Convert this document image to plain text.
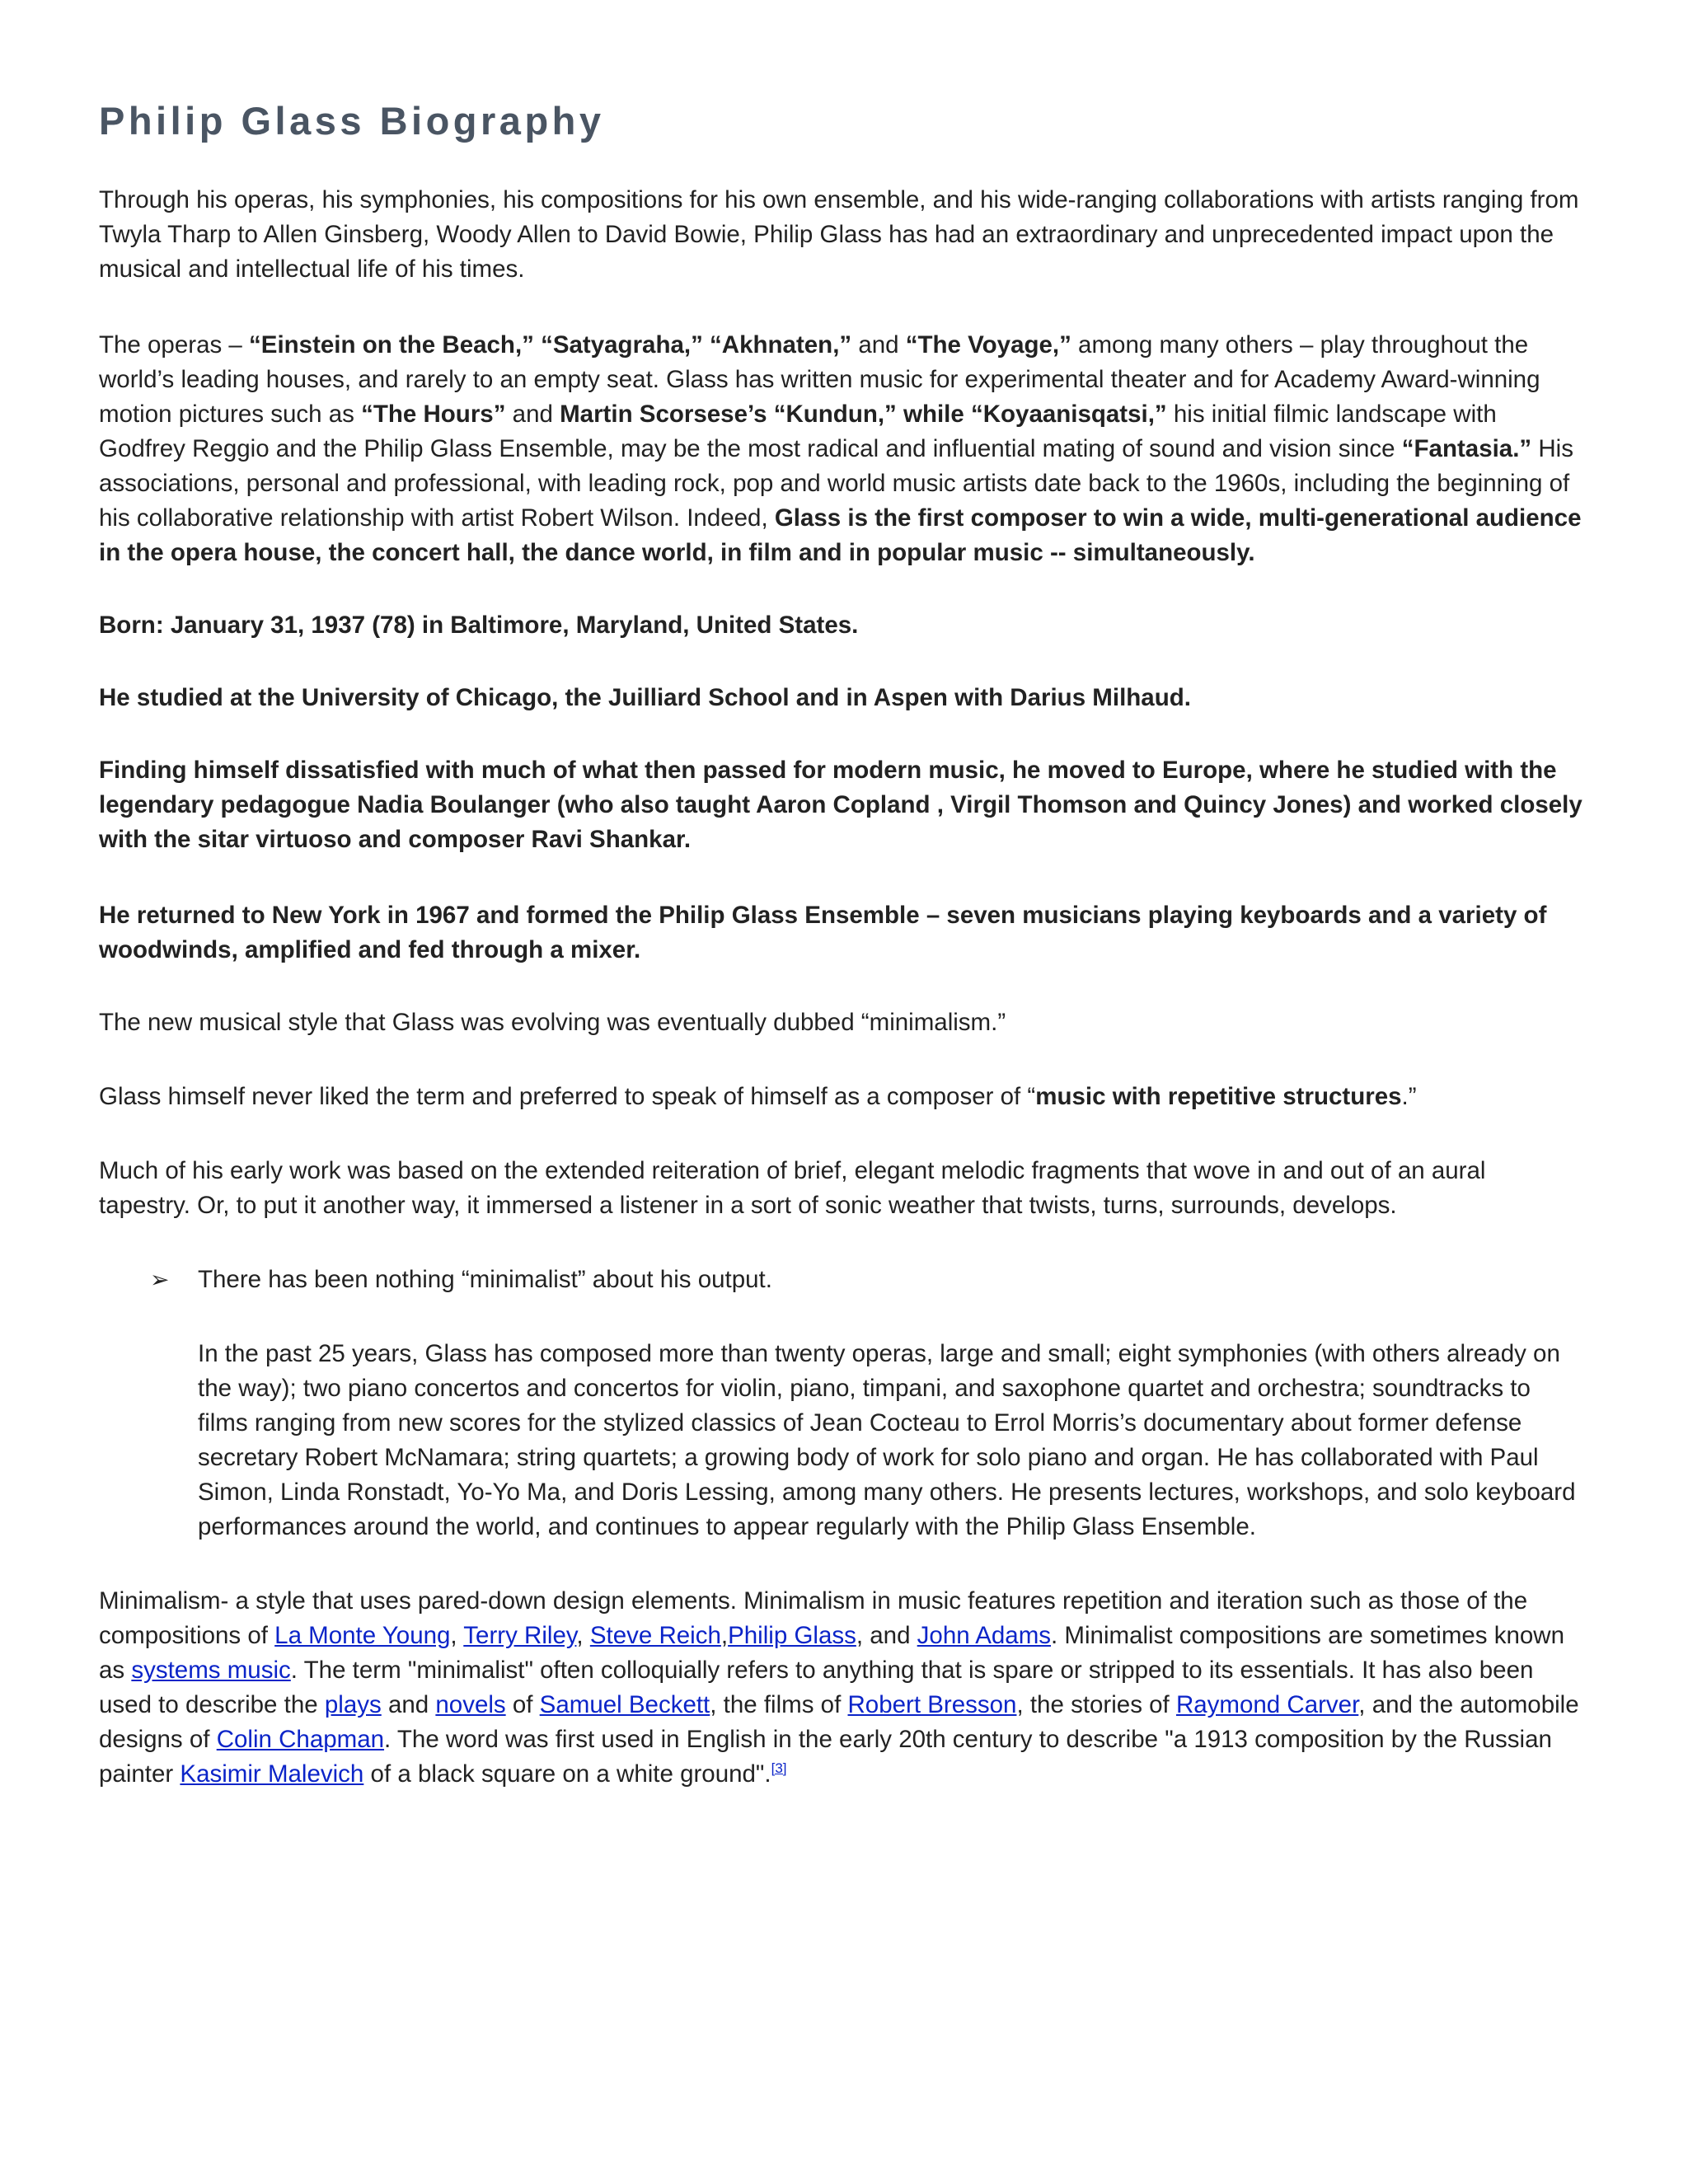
Philip Glass Biography

Through his operas, his symphonies, his compositions for his own ensemble, and his wide-ranging collaborations with artists ranging from Twyla Tharp to Allen Ginsberg, Woody Allen to David Bowie, Philip Glass has had an extraordinary and unprecedented impact upon the musical and intellectual life of his times.

The operas – “Einstein on the Beach,” “Satyagraha,” “Akhnaten,” and “The Voyage,” among many others – play throughout the world’s leading houses, and rarely to an empty seat. Glass has written music for experimental theater and for Academy Award-winning motion pictures such as “The Hours” and Martin Scorsese’s “Kundun,” while “Koyaanisqatsi,” his initial filmic landscape with Godfrey Reggio and the Philip Glass Ensemble, may be the most radical and influential mating of sound and vision since “Fantasia.” His associations, personal and professional, with leading rock, pop and world music artists date back to the 1960s, including the beginning of his collaborative relationship with artist Robert Wilson. Indeed, Glass is the first composer to win a wide, multi-generational audience in the opera house, the concert hall, the dance world, in film and in popular music -- simultaneously.

Born: January 31, 1937 (78) in Baltimore, Maryland, United States.

He studied at the University of Chicago, the Juilliard School and in Aspen with Darius Milhaud.

Finding himself dissatisfied with much of what then passed for modern music, he moved to Europe, where he studied with the legendary pedagogue Nadia Boulanger (who also taught Aaron Copland , Virgil Thomson and Quincy Jones) and worked closely with the sitar virtuoso and composer Ravi Shankar.

He returned to New York in 1967 and formed the Philip Glass Ensemble – seven musicians playing keyboards and a variety of woodwinds, amplified and fed through a mixer.

The new musical style that Glass was evolving was eventually dubbed “minimalism.”

Glass himself never liked the term and preferred to speak of himself as a composer of “music with repetitive structures.”

Much of his early work was based on the extended reiteration of brief, elegant melodic fragments that wove in and out of an aural tapestry. Or, to put it another way, it immersed a listener in a sort of sonic weather that twists, turns, surrounds, develops.

➢ There has been nothing “minimalist” about his output.

In the past 25 years, Glass has composed more than twenty operas, large and small; eight symphonies (with others already on the way); two piano concertos and concertos for violin, piano, timpani, and saxophone quartet and orchestra; soundtracks to films ranging from new scores for the stylized classics of Jean Cocteau to Errol Morris’s documentary about former defense secretary Robert McNamara; string quartets; a growing body of work for solo piano and organ. He has collaborated with Paul Simon, Linda Ronstadt, Yo-Yo Ma, and Doris Lessing, among many others. He presents lectures, workshops, and solo keyboard performances around the world, and continues to appear regularly with the Philip Glass Ensemble.

Minimalism- a style that uses pared-down design elements. Minimalism in music features repetition and iteration such as those of the compositions of La Monte Young, Terry Riley, Steve Reich,Philip Glass, and John Adams. Minimalist compositions are sometimes known as systems music. The term "minimalist" often colloquially refers to anything that is spare or stripped to its essentials. It has also been used to describe the plays and novels of Samuel Beckett, the films of Robert Bresson, the stories of Raymond Carver, and the automobile designs of Colin Chapman. The word was first used in English in the early 20th century to describe "a 1913 composition by the Russian painter Kasimir Malevich of a black square on a white ground".[3]
